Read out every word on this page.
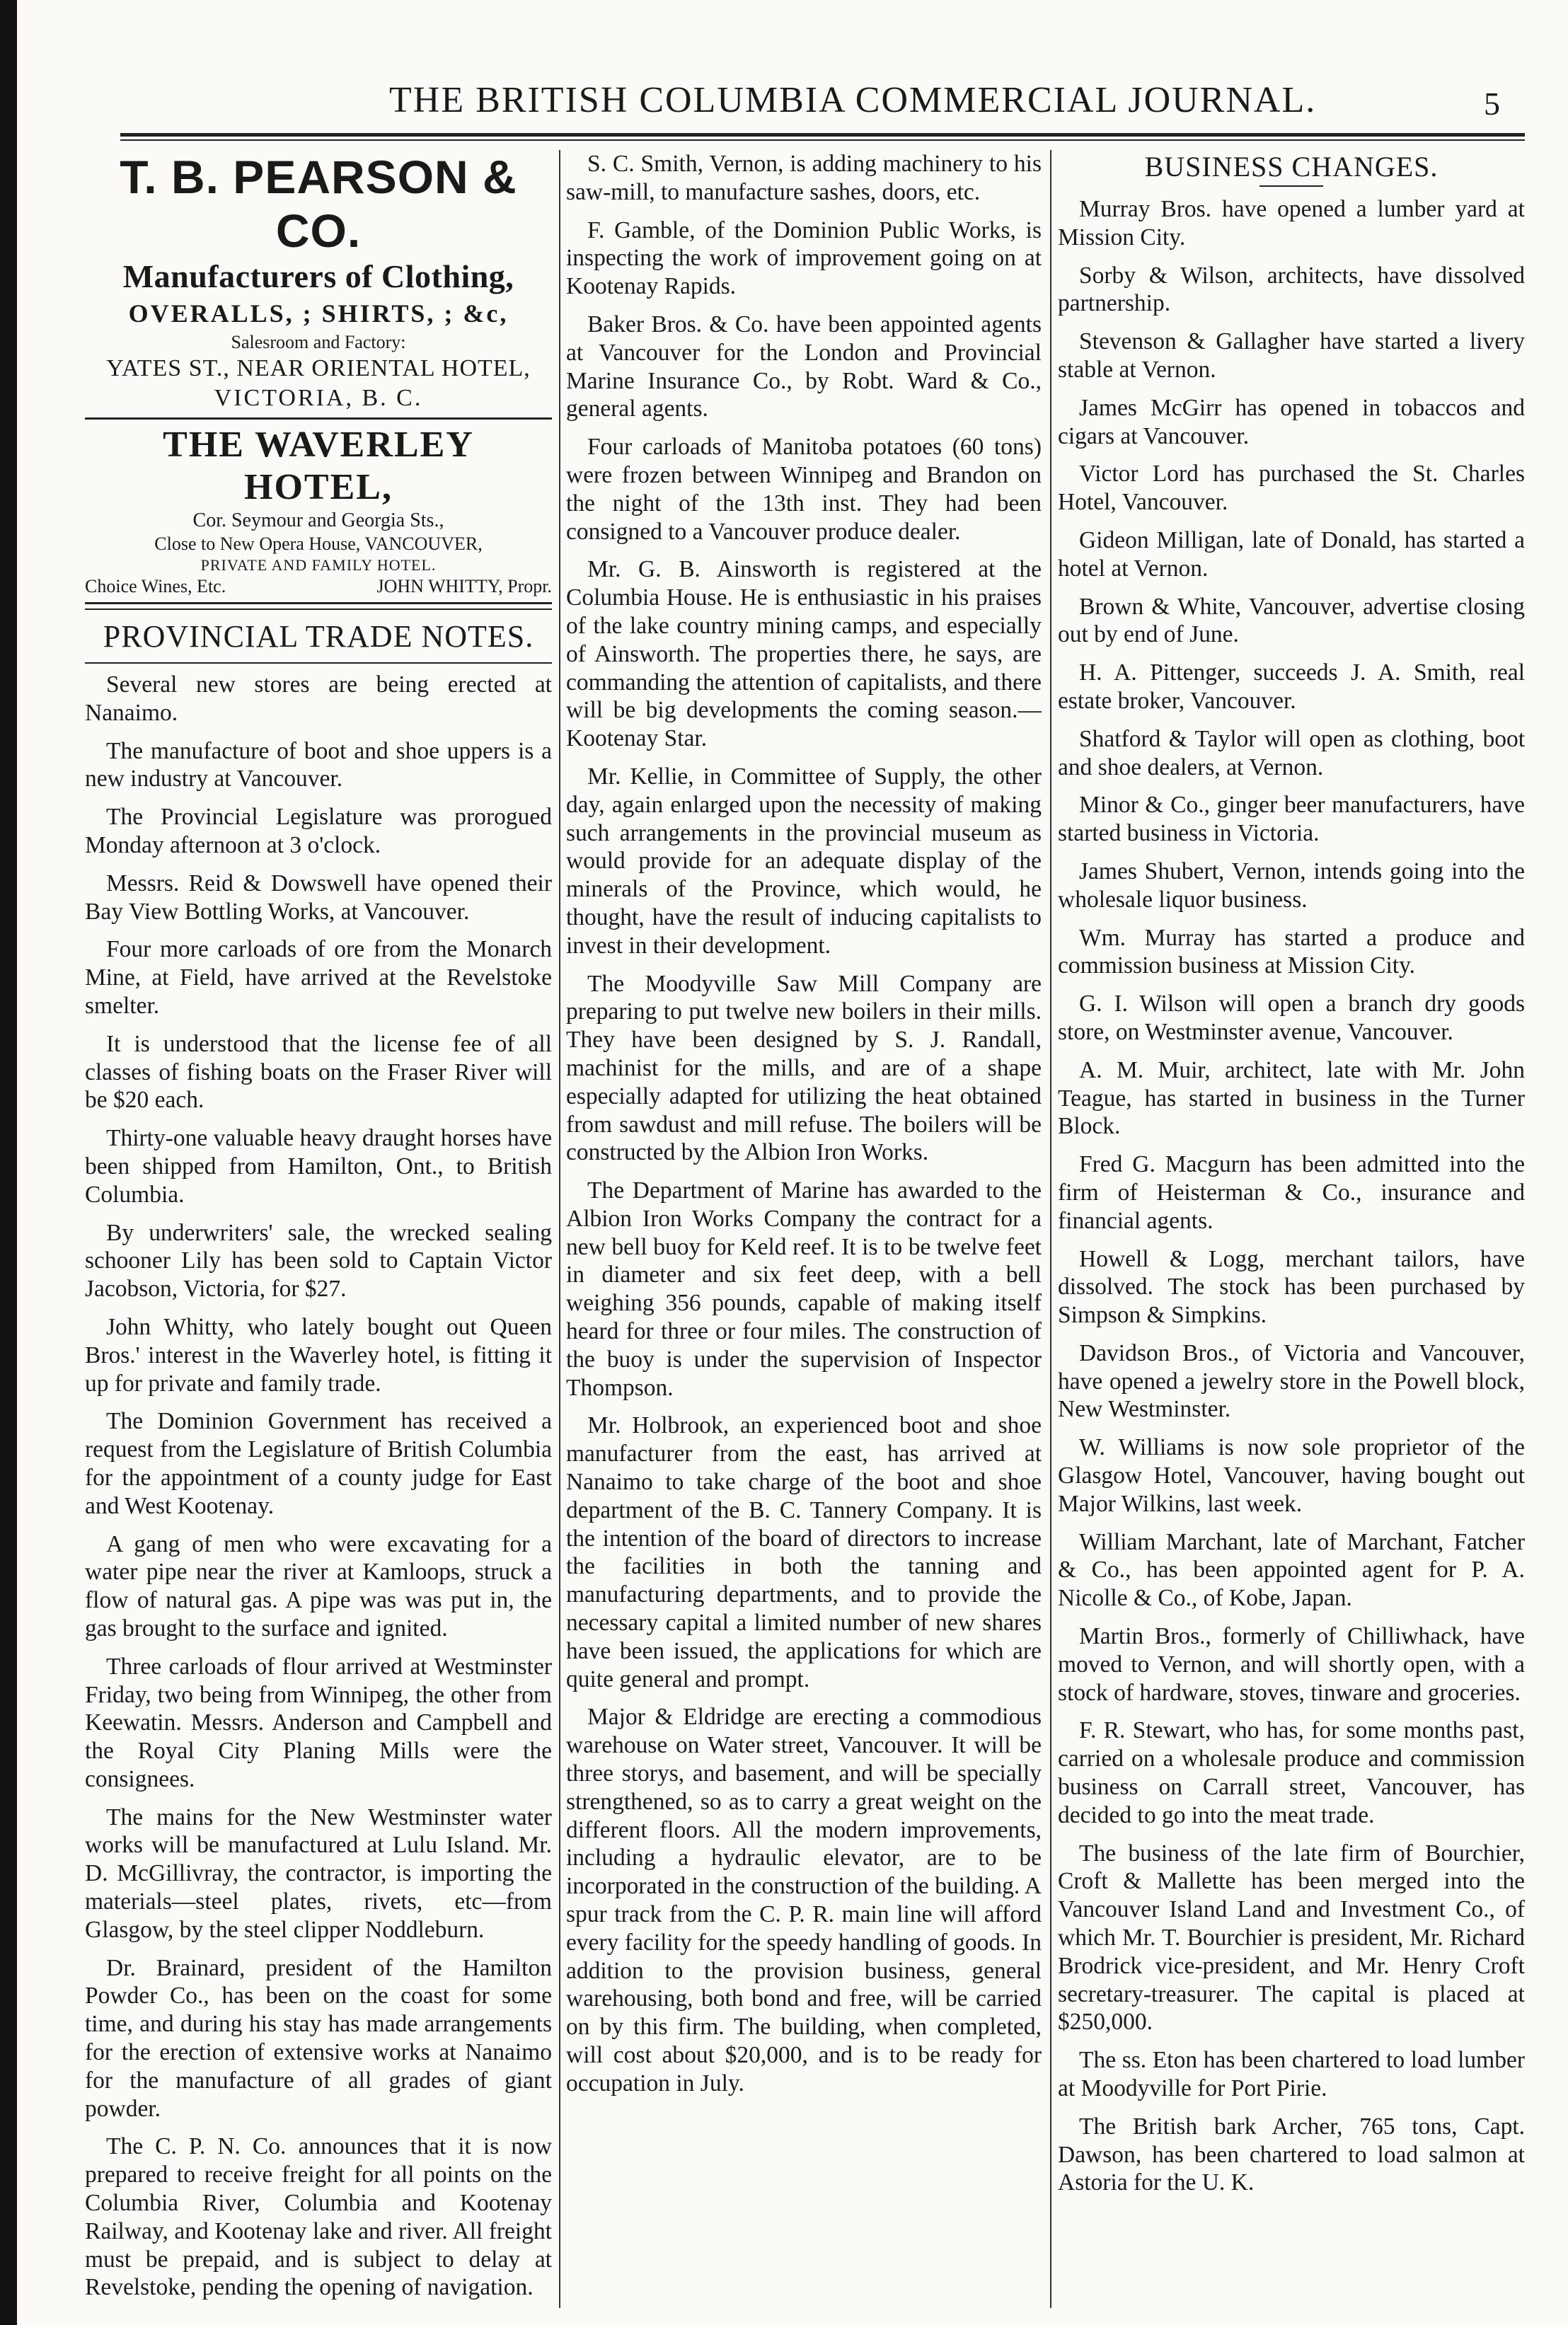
THE BRITISH COLUMBIA COMMERCIAL JOURNAL.	5
T. B. PEARSON & CO.
Manufacturers of Clothing,
OVERALLS, ; SHIRTS, ; &c,
Salesroom and Factory:
YATES ST., NEAR ORIENTAL HOTEL,
VICTORIA, B. C.
THE WAVERLEY HOTEL,
Cor. Seymour and Georgia Sts.,
Close to New Opera House, VANCOUVER,
PRIVATE AND FAMILY HOTEL.
Choice Wines, Etc.	JOHN WHITTY, Propr.
PROVINCIAL TRADE NOTES.

Several new stores are being erected at Nanaimo.

The manufacture of boot and shoe uppers is a new industry at Vancouver.

The Provincial Legislature was prorogued Monday afternoon at 3 o'clock.

Messrs. Reid & Dowswell have opened their Bay View Bottling Works, at Vancouver.

Four more carloads of ore from the Monarch Mine, at Field, have arrived at the Revelstoke smelter.

It is understood that the license fee of all classes of fishing boats on the Fraser River will be $20 each.

Thirty-one valuable heavy draught horses have been shipped from Hamilton, Ont., to British Columbia.

By underwriters' sale, the wrecked sealing schooner Lily has been sold to Captain Victor Jacobson, Victoria, for $27.

John Whitty, who lately bought out Queen Bros.' interest in the Waverley hotel, is fitting it up for private and family trade.

The Dominion Government has received a request from the Legislature of British Columbia for the appointment of a county judge for East and West Kootenay.

A gang of men who were excavating for a water pipe near the river at Kamloops, struck a flow of natural gas. A pipe was was put in, the gas brought to the surface and ignited.

Three carloads of flour arrived at Westminster Friday, two being from Winnipeg, the other from Keewatin. Messrs. Anderson and Campbell and the Royal City Planing Mills were the consignees.

The mains for the New Westminster water works will be manufactured at Lulu Island. Mr. D. McGillivray, the contractor, is importing the materials—steel plates, rivets, etc—from Glasgow, by the steel clipper Noddleburn.

Dr. Brainard, president of the Hamilton Powder Co., has been on the coast for some time, and during his stay has made arrangements for the erection of extensive works at Nanaimo for the manufacture of all grades of giant powder.

The C. P. N. Co. announces that it is now prepared to receive freight for all points on the Columbia River, Columbia and Kootenay Railway, and Kootenay lake and river. All freight must be prepaid, and is subject to delay at Revelstoke, pending the opening of navigation.

S. C. Smith, Vernon, is adding machinery to his saw-mill, to manufacture sashes, doors, etc.

F. Gamble, of the Dominion Public Works, is inspecting the work of improvement going on at Kootenay Rapids.

Baker Bros. & Co. have been appointed agents at Vancouver for the London and Provincial Marine Insurance Co., by Robt. Ward & Co., general agents.

Four carloads of Manitoba potatoes (60 tons) were frozen between Winnipeg and Brandon on the night of the 13th inst. They had been consigned to a Vancouver produce dealer.

Mr. G. B. Ainsworth is registered at the Columbia House. He is enthusiastic in his praises of the lake country mining camps, and especially of Ainsworth. The properties there, he says, are commanding the attention of capitalists, and there will be big developments the coming season.—Kootenay Star.

Mr. Kellie, in Committee of Supply, the other day, again enlarged upon the necessity of making such arrangements in the provincial museum as would provide for an adequate display of the minerals of the Province, which would, he thought, have the result of inducing capitalists to invest in their development.

The Moodyville Saw Mill Company are preparing to put twelve new boilers in their mills. They have been designed by S. J. Randall, machinist for the mills, and are of a shape especially adapted for utilizing the heat obtained from sawdust and mill refuse. The boilers will be constructed by the Albion Iron Works.

The Department of Marine has awarded to the Albion Iron Works Company the contract for a new bell buoy for Keld reef. It is to be twelve feet in diameter and six feet deep, with a bell weighing 356 pounds, capable of making itself heard for three or four miles. The construction of the buoy is under the supervision of Inspector Thompson.

Mr. Holbrook, an experienced boot and shoe manufacturer from the east, has arrived at Nanaimo to take charge of the boot and shoe department of the B. C. Tannery Company. It is the intention of the board of directors to increase the facilities in both the tanning and manufacturing departments, and to provide the necessary capital a limited number of new shares have been issued, the applications for which are quite general and prompt.

Major & Eldridge are erecting a commodious warehouse on Water street, Vancouver. It will be three storys, and basement, and will be specially strengthened, so as to carry a great weight on the different floors. All the modern improvements, including a hydraulic elevator, are to be incorporated in the construction of the building. A spur track from the C. P. R. main line will afford every facility for the speedy handling of goods. In addition to the provision business, general warehousing, both bond and free, will be carried on by this firm. The building, when completed, will cost about $20,000, and is to be ready for occupation in July.

BUSINESS CHANGES.

Murray Bros. have opened a lumber yard at Mission City.

Sorby & Wilson, architects, have dissolved partnership.

Stevenson & Gallagher have started a livery stable at Vernon.

James McGirr has opened in tobaccos and cigars at Vancouver.

Victor Lord has purchased the St. Charles Hotel, Vancouver.

Gideon Milligan, late of Donald, has started a hotel at Vernon.

Brown & White, Vancouver, advertise closing out by end of June.

H. A. Pittenger, succeeds J. A. Smith, real estate broker, Vancouver.

Shatford & Taylor will open as clothing, boot and shoe dealers, at Vernon.

Minor & Co., ginger beer manufacturers, have started business in Victoria.

James Shubert, Vernon, intends going into the wholesale liquor business.

Wm. Murray has started a produce and commission business at Mission City.

G. I. Wilson will open a branch dry goods store, on Westminster avenue, Vancouver.

A. M. Muir, architect, late with Mr. John Teague, has started in business in the Turner Block.

Fred G. Macgurn has been admitted into the firm of Heisterman & Co., insurance and financial agents.

Howell & Logg, merchant tailors, have dissolved. The stock has been purchased by Simpson & Simpkins.

Davidson Bros., of Victoria and Vancouver, have opened a jewelry store in the Powell block, New Westminster.

W. Williams is now sole proprietor of the Glasgow Hotel, Vancouver, having bought out Major Wilkins, last week.

William Marchant, late of Marchant, Fatcher & Co., has been appointed agent for P. A. Nicolle & Co., of Kobe, Japan.

Martin Bros., formerly of Chilliwhack, have moved to Vernon, and will shortly open, with a stock of hardware, stoves, tinware and groceries.

F. R. Stewart, who has, for some months past, carried on a wholesale produce and commission business on Carrall street, Vancouver, has decided to go into the meat trade.

The business of the late firm of Bourchier, Croft & Mallette has been merged into the Vancouver Island Land and Investment Co., of which Mr. T. Bourchier is president, Mr. Richard Brodrick vice-president, and Mr. Henry Croft secretary-treasurer. The capital is placed at $250,000.

The ss. Eton has been chartered to load lumber at Moodyville for Port Pirie.

The British bark Archer, 765 tons, Capt. Dawson, has been chartered to load salmon at Astoria for the U. K.
